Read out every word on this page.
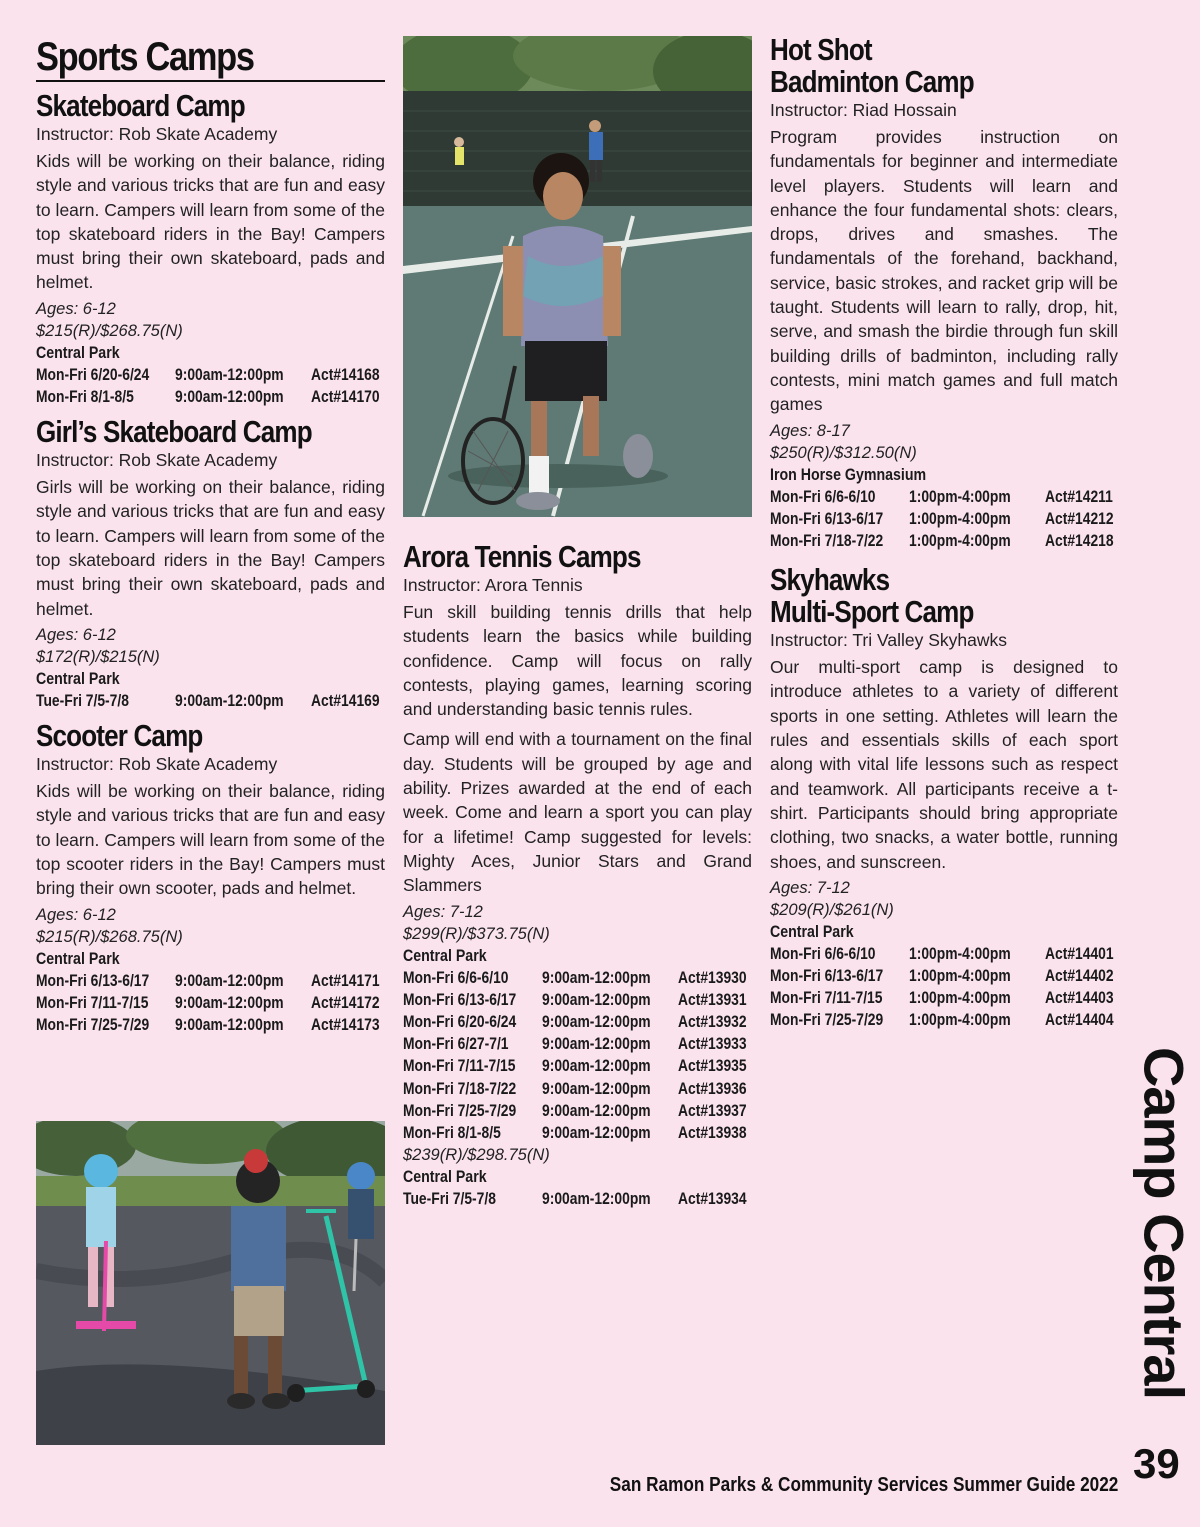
Sports Camps
Skateboard Camp

Instructor: Rob Skate Academy

Kids will be working on their balance, riding style and various tricks that are fun and easy to learn. Campers will learn from some of the top skateboard riders in the Bay! Campers must bring their own skateboard, pads and helmet.

Ages: 6-12

$215(R)/$268.75(N)

Central Park

Mon-Fri 6/20-6/24 9:00am-12:00pm Act#14168
Mon-Fri 8/1-8/5 9:00am-12:00pm Act#14170
Girl’s Skateboard Camp

Instructor: Rob Skate Academy

Girls will be working on their balance, riding style and various tricks that are fun and easy to learn. Campers will learn from some of the top skateboard riders in the Bay! Campers must bring their own skateboard, pads and helmet.

Ages: 6-12

$172(R)/$215(N)

Central Park

Tue-Fri 7/5-7/8	9:00am-12:00pm Act#14169
Scooter Camp

Instructor: Rob Skate Academy

Kids will be working on their balance, riding style and various tricks that are fun and easy to learn. Campers will learn from some of the top scooter riders in the Bay! Campers must bring their own scooter, pads and helmet.

Ages: 6-12

$215(R)/$268.75(N)

Central Park

Mon-Fri 6/13-6/17 9:00am-12:00pm Act#14171
Mon-Fri 7/11-7/15 9:00am-12:00pm Act#14172
Mon-Fri 7/25-7/29 9:00am-12:00pm Act#14173
Arora Tennis Camps

Instructor: Arora Tennis

Fun skill building tennis drills that help students learn the basics while building confidence. Camp will focus on rally contests, playing games, learning scoring and understanding basic tennis rules.

Camp will end with a tournament on the final day. Students will be grouped by age and ability. Prizes awarded at the end of each week. Come and learn a sport you can play for a lifetime! Camp suggested for levels: Mighty Aces, Junior Stars and Grand Slammers

Ages: 7-12

$299(R)/$373.75(N)

Central Park

Mon-Fri 6/6-6/10 9:00am-12:00pm Act#13930
Mon-Fri 6/13-6/17 9:00am-12:00pm Act#13931
Mon-Fri 6/20-6/24 9:00am-12:00pm Act#13932
Mon-Fri 6/27-7/1 9:00am-12:00pm Act#13933
Mon-Fri 7/11-7/15 9:00am-12:00pm Act#13935
Mon-Fri 7/18-7/22 9:00am-12:00pm Act#13936
Mon-Fri 7/25-7/29 9:00am-12:00pm Act#13937
Mon-Fri 8/1-8/5 9:00am-12:00pm Act#13938

$239(R)/$298.75(N)

Central Park

Tue-Fri 7/5-7/8	9:00am-12:00pm Act#13934
Hot Shot
Badminton Camp

Instructor: Riad Hossain

Program provides instruction on fundamentals for beginner and intermediate level players. Students will learn and enhance the four fundamental shots: clears, drops, drives and smashes. The fundamentals of the forehand, backhand, service, basic strokes, and racket grip will be taught. Students will learn to rally, drop, hit, serve, and smash the birdie through fun skill building drills of badminton, including rally contests, mini match games and full match games

Ages: 8-17

$250(R)/$312.50(N)

Iron Horse Gymnasium

Mon-Fri 6/6-6/10 1:00pm-4:00pm Act#14211
Mon-Fri 6/13-6/17 1:00pm-4:00pm Act#14212
Mon-Fri 7/18-7/22 1:00pm-4:00pm Act#14218
Skyhawks
Multi-Sport Camp

Instructor: Tri Valley Skyhawks

Our multi-sport camp is designed to introduce athletes to a variety of different sports in one setting. Athletes will learn the rules and essentials skills of each sport along with vital life lessons such as respect and teamwork. All participants receive a t-shirt. Participants should bring appropriate clothing, two snacks, a water bottle, running shoes, and sunscreen.

Ages: 7-12

$209(R)/$261(N)

Central Park

Mon-Fri 6/6-6/10 1:00pm-4:00pm Act#14401
Mon-Fri 6/13-6/17 1:00pm-4:00pm Act#14402
Mon-Fri 7/11-7/15 1:00pm-4:00pm Act#14403
Mon-Fri 7/25-7/29 1:00pm-4:00pm Act#14404
Camp Central
San Ramon Parks & Community Services Summer Guide 2022 39
